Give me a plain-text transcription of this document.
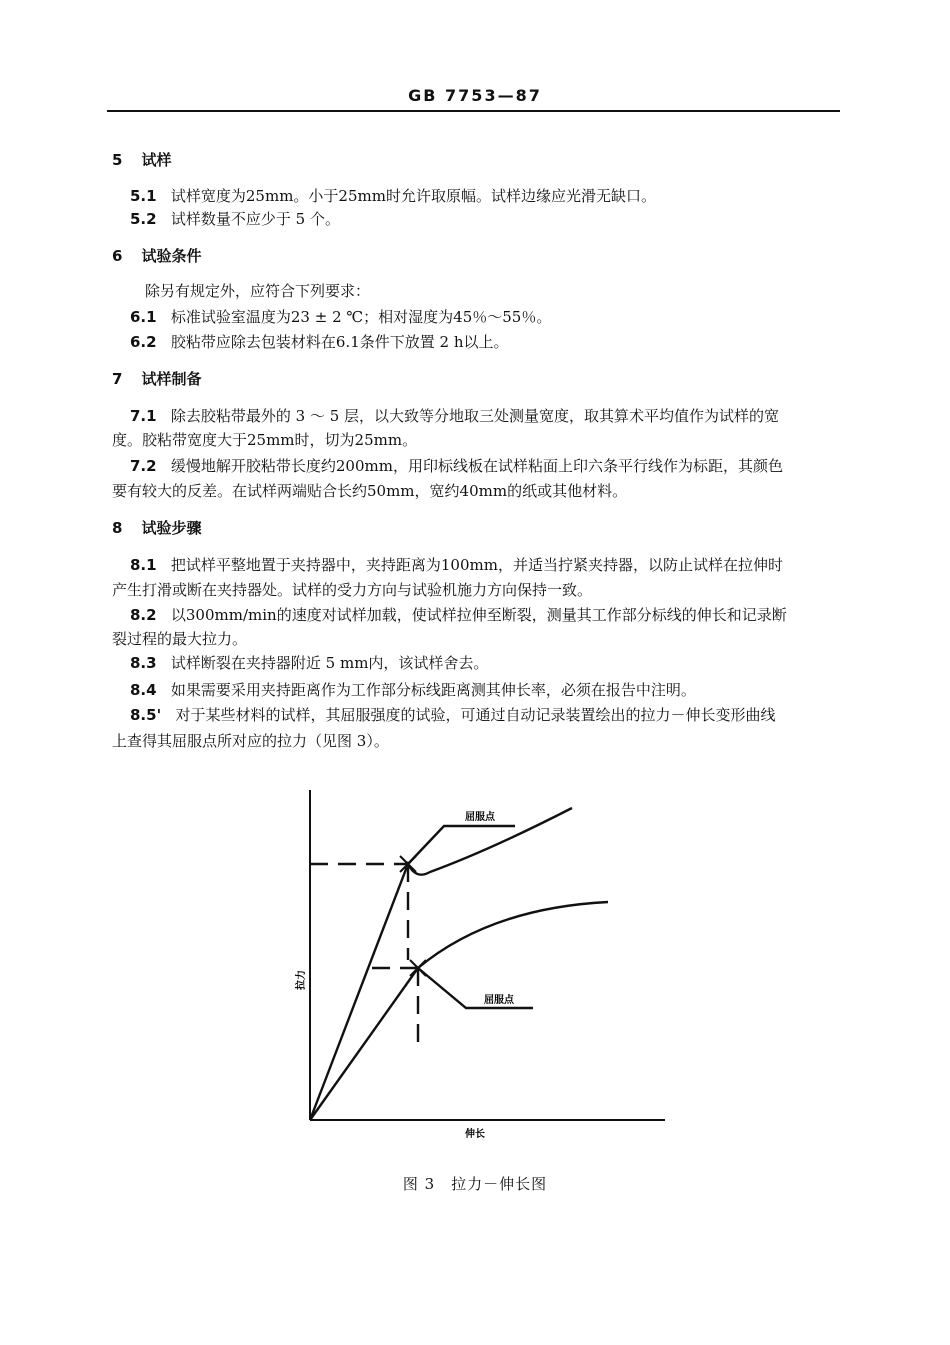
GB 7753—87
5 试样
5.1 试样宽度为25mm。小于25mm时允许取原幅。试样边缘应光滑无缺口。
5.2 试样数量不应少于 5 个。
6 试验条件
除另有规定外，应符合下列要求：
6.1 标准试验室温度为23 ± 2 ℃；相对湿度为45％～55％。
6.2 胶粘带应除去包装材料在6.1条件下放置 2 h以上。
7 试样制备
7.1 除去胶粘带最外的 3 ～ 5 层，以大致等分地取三处测量宽度，取其算术平均值作为试样的宽
度。胶粘带宽度大于25mm时，切为25mm。
7.2 缓慢地解开胶粘带长度约200mm，用印标线板在试样粘面上印六条平行线作为标距，其颜色
要有较大的反差。在试样两端贴合长约50mm，宽约40mm的纸或其他材料。
8 试验步骤
8.1 把试样平整地置于夹持器中，夹持距离为100mm，并适当拧紧夹持器，以防止试样在拉伸时
产生打滑或断在夹持器处。试样的受力方向与试验机施力方向保持一致。
8.2 以300mm/min的速度对试样加载，使试样拉伸至断裂，测量其工作部分标线的伸长和记录断
裂过程的最大拉力。
8.3 试样断裂在夹持器附近 5 mm内，该试样舍去。
8.4 如果需要采用夹持距离作为工作部分标线距离测其伸长率，必须在报告中注明。
8.5' 对于某些材料的试样，其屈服强度的试验，可通过自动记录装置绘出的拉力－伸长变形曲线
上查得其屈服点所对应的拉力（见图 3）。
屈服点
屈服点
拉力
伸长
图 3　拉力－伸长图
